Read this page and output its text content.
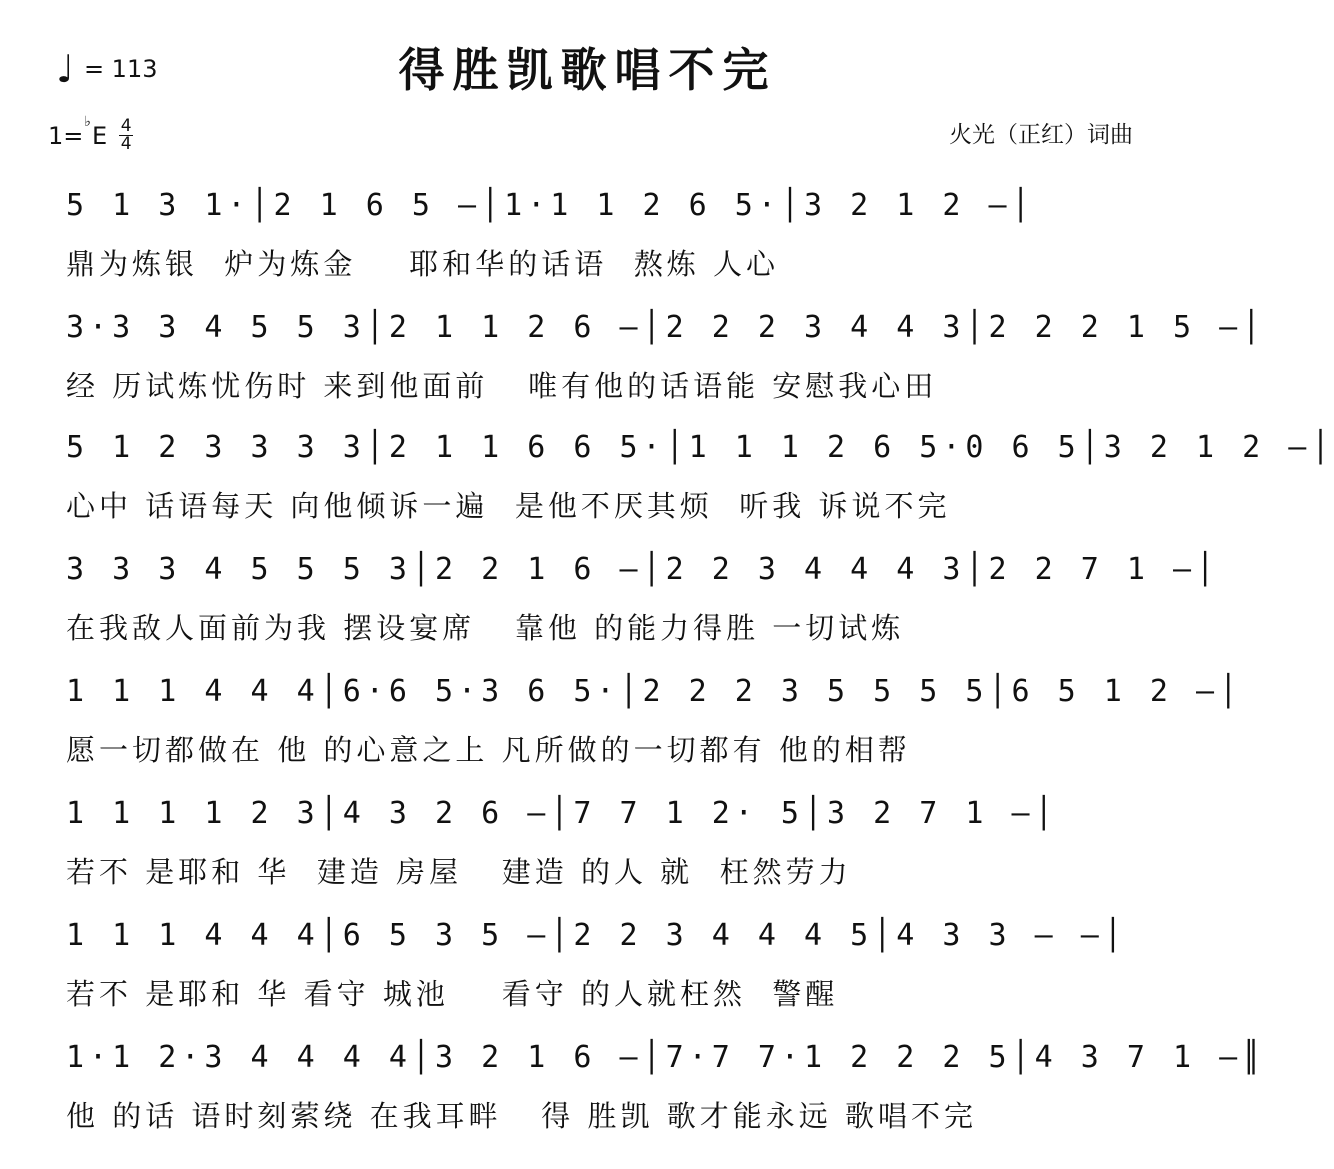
得胜凯歌唱不完
♩ = 113
1= ♭ E 4
4	火光（正红）词曲
5 1 3 1·│2 1 6 5 –│1·1 1 2 6 5·│3 2 1 2 –│
鼎为炼银  炉为炼金    耶和华的话语  熬炼 人心
3·3 3 4 5 5 3│2 1 1 2 6 –│2 2 2 3 4 4 3│2 2 2 1 5 –│
经 历试炼忧伤时 来到他面前   唯有他的话语能 安慰我心田
5 1 2 3 3 3 3│2 1 1 6 6 5·│1 1 1 2 6 5·0 6 5│3 2 1 2 –│
心中 话语每天 向他倾诉一遍  是他不厌其烦  听我 诉说不完
3 3 3 4 5 5 5 3│2 2 1 6 –│2 2 3 4 4 4 3│2 2 7 1 –│
在我敌人面前为我 摆设宴席   靠他 的能力得胜 一切试炼
1 1 1 4 4 4│6·6 5·3 6 5·│2 2 2 3 5 5 5 5│6 5 1 2 –│
愿一切都做在 他 的心意之上 凡所做的一切都有 他的相帮
1 1 1 1 2 3│4 3 2 6 –│7 7 1 2· 5│3 2 7 1 –│
若不 是耶和 华  建造 房屋   建造 的人 就  枉然劳力
1 1 1 4 4 4│6 5 3 5 –│2 2 3 4 4 4 5│4 3 3 – –│
若不 是耶和 华 看守 城池    看守 的人就枉然  警醒
1·1 2·3 4 4 4 4│3 2 1 6 –│7·7 7·1 2 2 2 5│4 3 7 1 –║
他 的话 语时刻萦绕 在我耳畔   得 胜凯 歌才能永远 歌唱不完
